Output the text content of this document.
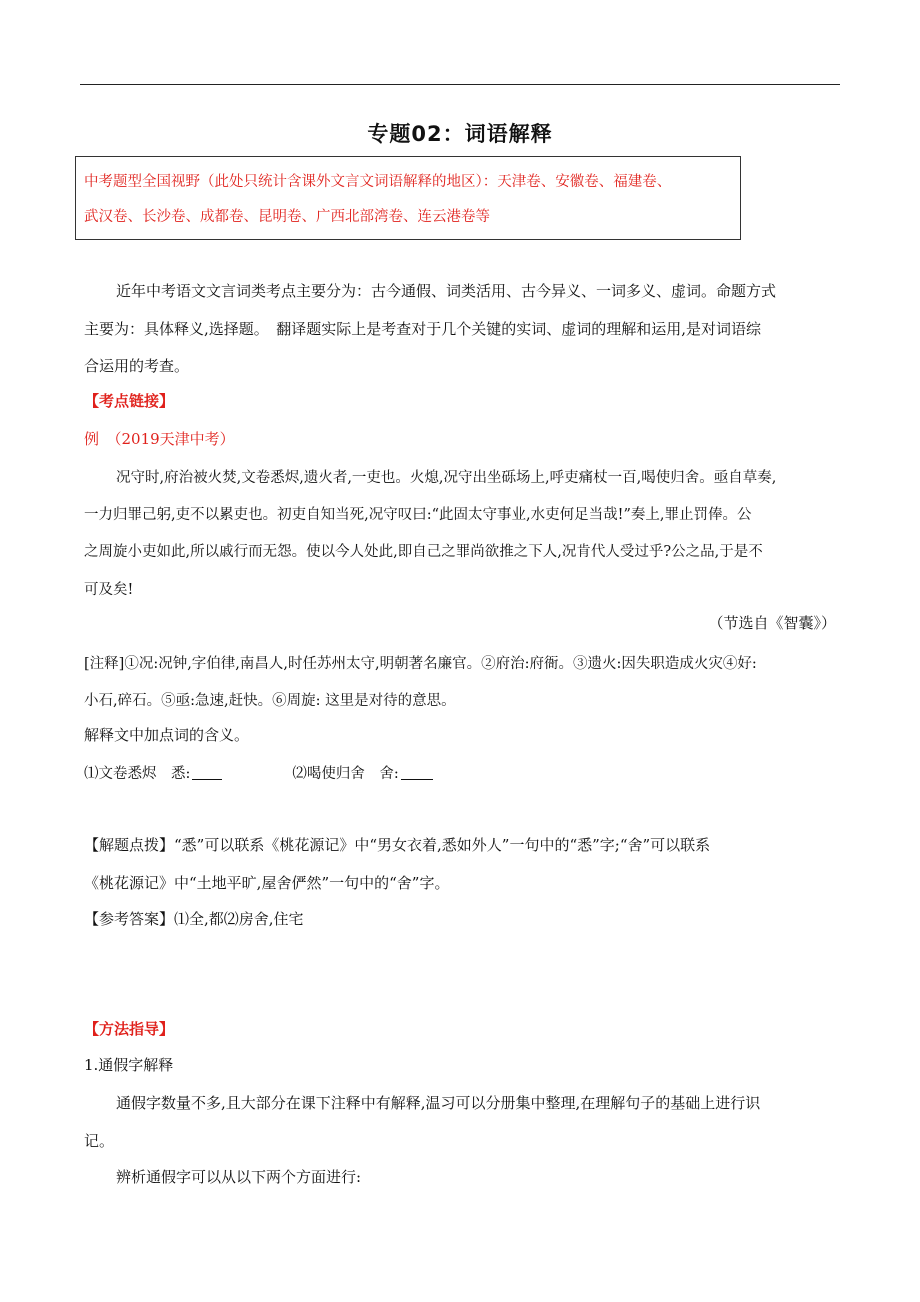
专题02：词语解释
中考题型全国视野（此处只统计含课外文言文词语解释的地区）：天津卷、安徽卷、福建卷、
武汉卷、长沙卷、成都卷、昆明卷、广西北部湾卷、连云港卷等
近年中考语文文言词类考点主要分为：古今通假、词类活用、古今异义、一词多义、虚词。命题方式
主要为：具体释义,选择题。　翻译题实际上是考查对于几个关键的实词、虚词的理解和运用,是对词语综
合运用的考查。
【考点链接】
例　（2019天津中考）
况守时,府治被火焚,文卷悉烬,遗火者,一吏也。火熄,况守出坐砾场上,呼吏痛杖一百,喝使归舍。亟自草奏,
一力归罪己躬,吏不以累吏也。初吏自知当死,况守叹曰:“此固太守事业,水吏何足当哉!”奏上,罪止罚俸。公
之周旋小吏如此,所以戚行而无怨。使以今人处此,即自己之罪尚欲推之下人,况肯代人受过乎?公之品,于是不
可及矣!
（节选自《智囊》）
[注释]①况:况钟,字伯律,南昌人,时任苏州太守,明朝著名廉官。②府治:府衙。③遗火:因失职造成火灾④好:
小石,碎石。⑤亟:急速,赶快。⑥周旋: 这里是对待的意思。
解释文中加点词的含义。
⑴文卷悉烬　悉:	⑵喝使归舍　舍:
【解题点拨】“悉”可以联系《桃花源记》中“男女衣着,悉如外人”一句中的“悉”字;“舍”可以联系
《桃花源记》中“土地平旷,屋舍俨然”一句中的“舍”字。
【参考答案】⑴全,都⑵房舍,住宅
【方法指导】
1.通假字解释
通假字数量不多,且大部分在课下注释中有解释,温习可以分册集中整理,在理解句子的基础上进行识
记。
辨析通假字可以从以下两个方面进行:
